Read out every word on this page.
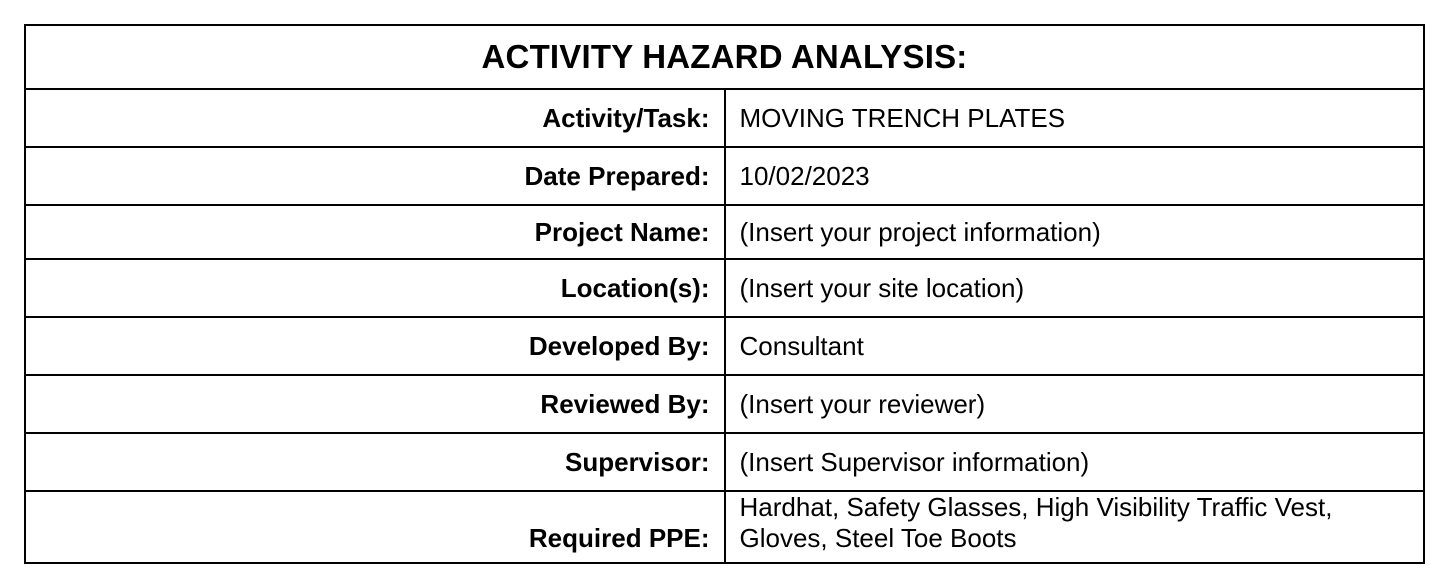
ACTIVITY HAZARD ANALYSIS:	
Activity/Task:	MOVING TRENCH PLATES
Date Prepared:	10/02/2023
Project Name:	(Insert your project information)
Location(s):	(Insert your site location)
Developed By:	Consultant
Reviewed By:	(Insert your reviewer)
Supervisor:	(Insert Supervisor information)
Required PPE:	Hardhat, Safety Glasses, High Visibility Traffic Vest, Gloves, Steel Toe Boots
